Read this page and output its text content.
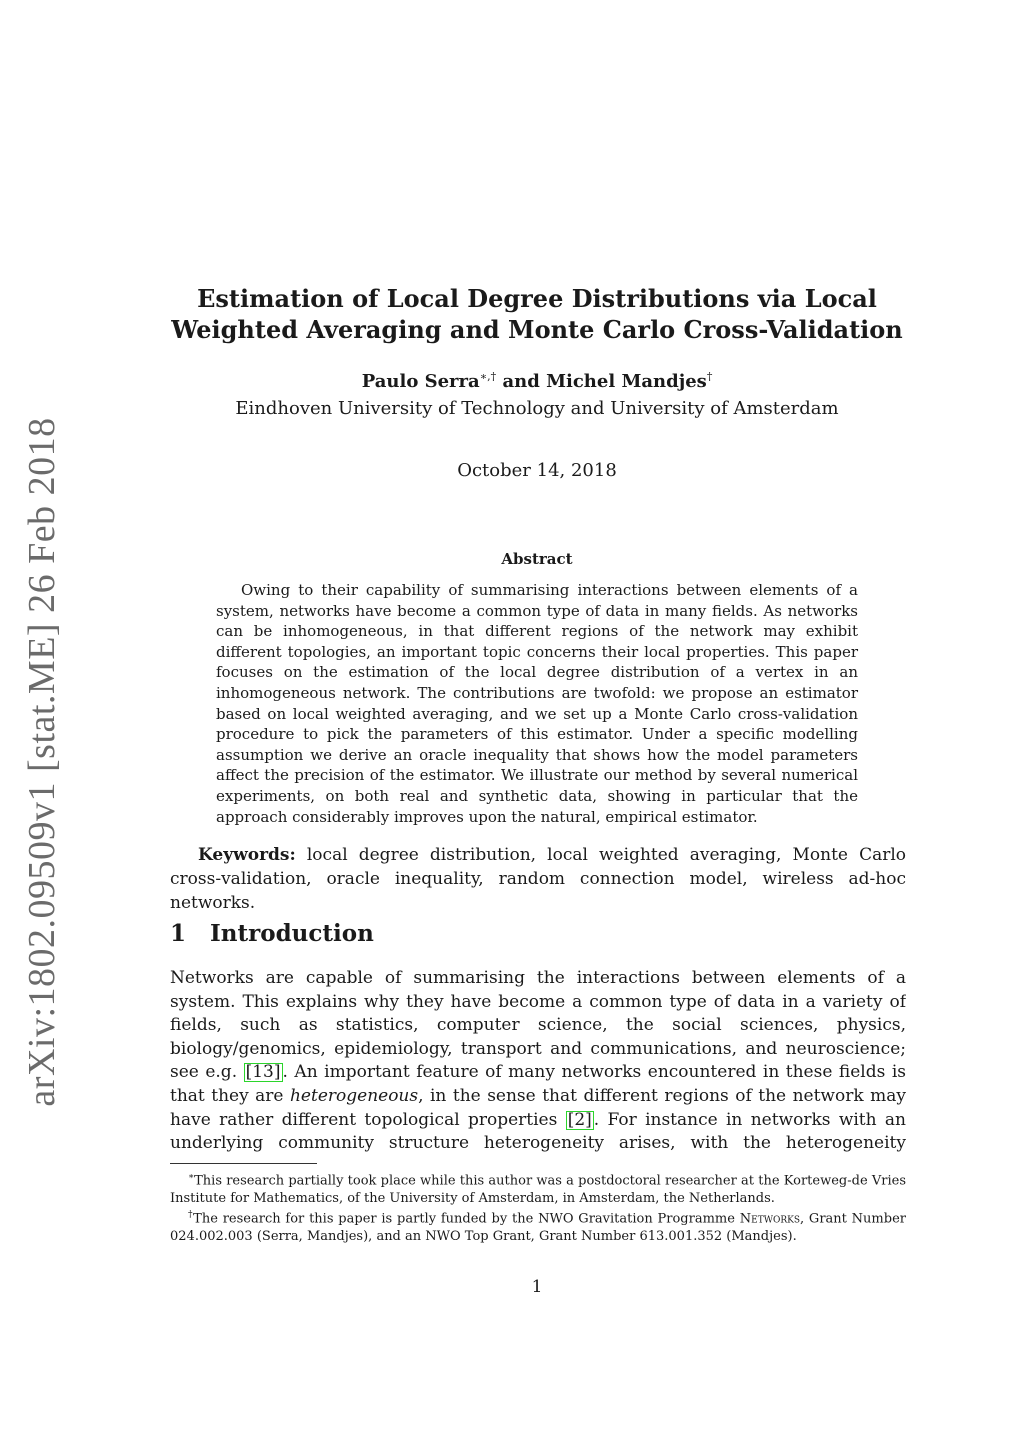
arXiv:1802.09509v1 [stat.ME] 26 Feb 2018
Estimation of Local Degree Distributions via Local
Weighted Averaging and Monte Carlo Cross-Validation
Paulo Serra∗,† and Michel Mandjes†
Eindhoven University of Technology and University of Amsterdam
October 14, 2018
Abstract
Owing to their capability of summarising interactions between elements of a system, networks have become a common type of data in many fields. As networks can be inhomogeneous, in that different regions of the network may exhibit different topologies, an important topic concerns their local properties. This paper focuses on the estimation of the local degree distribution of a vertex in an inhomogeneous network. The contributions are twofold: we propose an estimator based on local weighted averaging, and we set up a Monte Carlo cross-validation procedure to pick the parameters of this estimator. Under a specific modelling assumption we derive an oracle inequality that shows how the model parameters affect the precision of the estimator. We illustrate our method by several numerical experiments, on both real and synthetic data, showing in particular that the approach considerably improves upon the natural, empirical estimator.
Keywords: local degree distribution, local weighted averaging, Monte Carlo cross-validation, oracle inequality, random connection model, wireless ad-hoc networks.
1 Introduction
Networks are capable of summarising the interactions between elements of a system. This explains why they have become a common type of data in a variety of fields, such as statistics, computer science, the social sciences, physics, biology/genomics, epidemiology, transport and communications, and neuroscience; see e.g. [13] . An important feature of many networks encountered in these fields is that they are heterogeneous, in the sense that different regions of the network may have rather different topological properties [2] . For instance in networks with an underlying community structure heterogeneity arises, with the heterogeneity
∗This research partially took place while this author was a postdoctoral researcher at the Korteweg-de Vries Institute for Mathematics, of the University of Amsterdam, in Amsterdam, the Netherlands.
†The research for this paper is partly funded by the NWO Gravitation Programme Networks, Grant Number 024.002.003 (Serra, Mandjes), and an NWO Top Grant, Grant Number 613.001.352 (Mandjes).
1
